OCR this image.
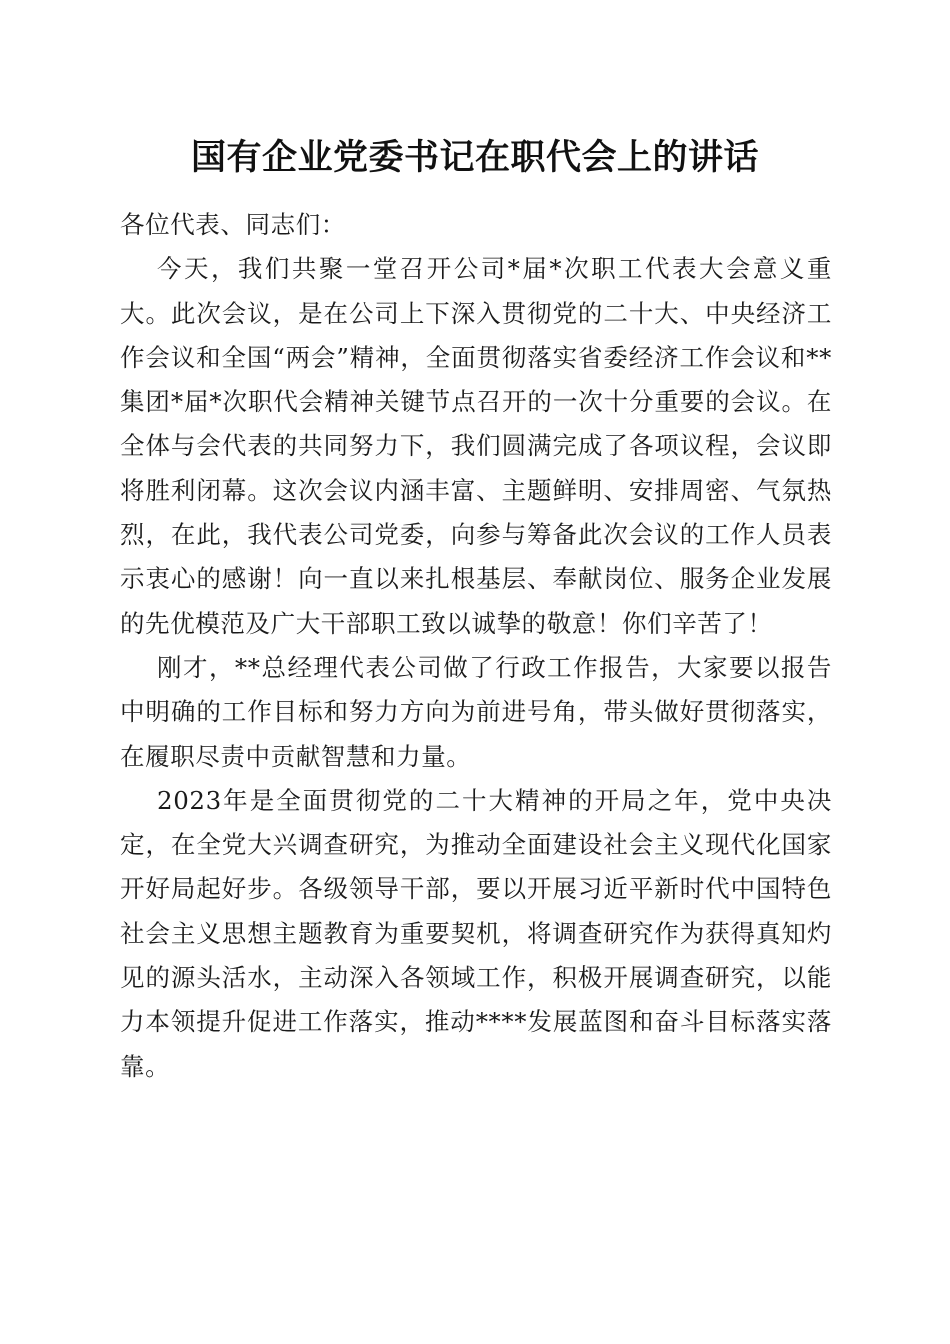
国有企业党委书记在职代会上的讲话

各位代表、同志们：

今天，我们共聚一堂召开公司*届*次职工代表大会意义重大。此次会议，是在公司上下深入贯彻党的二十大、中央经济工作会议和全国“两会”精神，全面贯彻落实省委经济工作会议和**集团*届*次职代会精神关键节点召开的一次十分重要的会议。在全体与会代表的共同努力下，我们圆满完成了各项议程，会议即将胜利闭幕。这次会议内涵丰富、主题鲜明、安排周密、气氛热烈，在此，我代表公司党委，向参与筹备此次会议的工作人员表示衷心的感谢！向一直以来扎根基层、奉献岗位、服务企业发展的先优模范及广大干部职工致以诚挚的敬意！你们辛苦了！

刚才，**总经理代表公司做了行政工作报告，大家要以报告中明确的工作目标和努力方向为前进号角，带头做好贯彻落实，在履职尽责中贡献智慧和力量。

2023年是全面贯彻党的二十大精神的开局之年，党中央决定，在全党大兴调查研究，为推动全面建设社会主义现代化国家开好局起好步。各级领导干部，要以开展习近平新时代中国特色社会主义思想主题教育为重要契机，将调查研究作为获得真知灼见的源头活水，主动深入各领域工作，积极开展调查研究，以能力本领提升促进工作落实，推动****发展蓝图和奋斗目标落实落靠。
